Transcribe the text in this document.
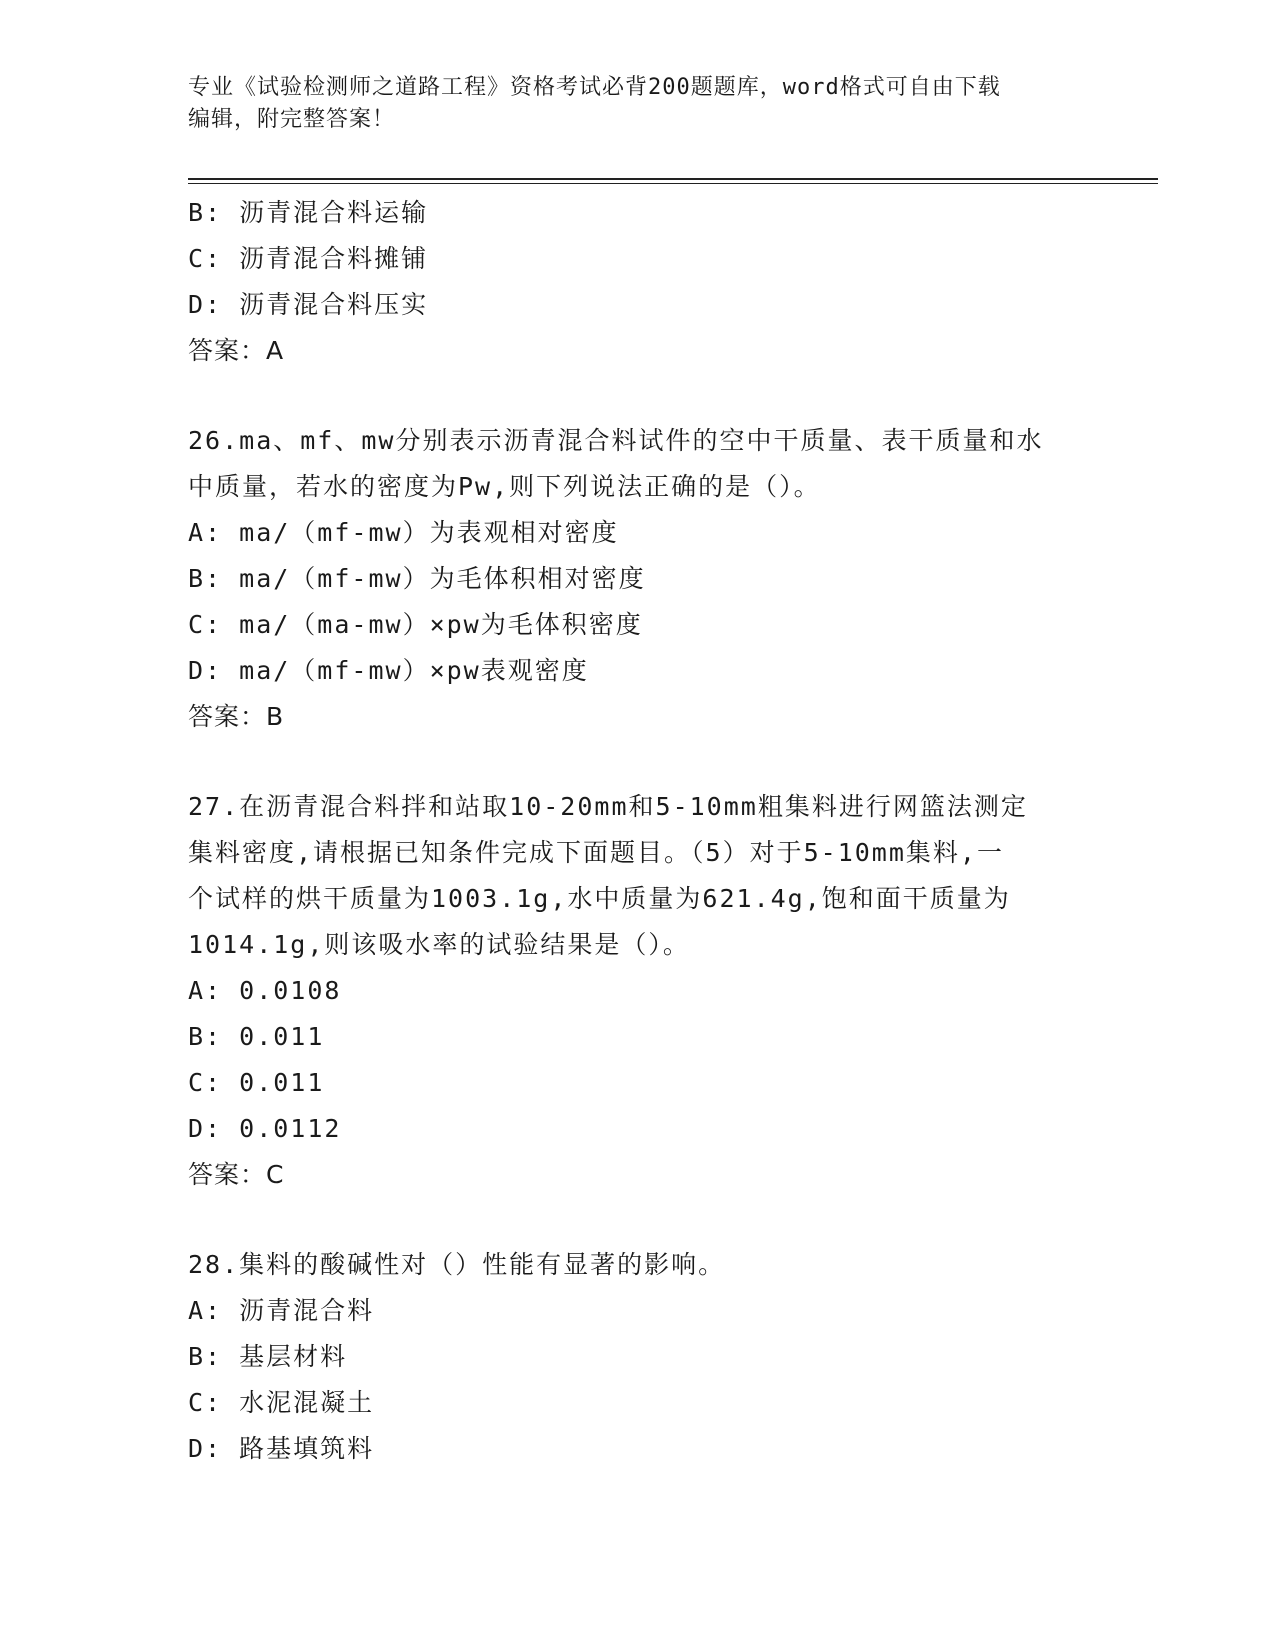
专业《试验检测师之道路工程》资格考试必背200题题库，word格式可自由下载
编辑，附完整答案！
B: 沥青混合料运输
C: 沥青混合料摊铺
D: 沥青混合料压实
答案：A
26.ma、mf、mw分别表示沥青混合料试件的空中干质量、表干质量和水
中质量，若水的密度为Pw,则下列说法正确的是（）。
A: ma/（mf-mw）为表观相对密度
B: ma/（mf-mw）为毛体积相对密度
C: ma/（ma-mw）×pw为毛体积密度
D: ma/（mf-mw）×pw表观密度
答案：B
27.在沥青混合料拌和站取10-20mm和5-10mm粗集料进行网篮法测定
集料密度,请根据已知条件完成下面题目。（5）对于5-10mm集料,一
个试样的烘干质量为1003.1g,水中质量为621.4g,饱和面干质量为
1014.1g,则该吸水率的试验结果是（）。
A: 0.0108
B: 0.011
C: 0.011
D: 0.0112
答案：C
28.集料的酸碱性对（）性能有显著的影响。
A: 沥青混合料
B: 基层材料
C: 水泥混凝土
D: 路基填筑料
